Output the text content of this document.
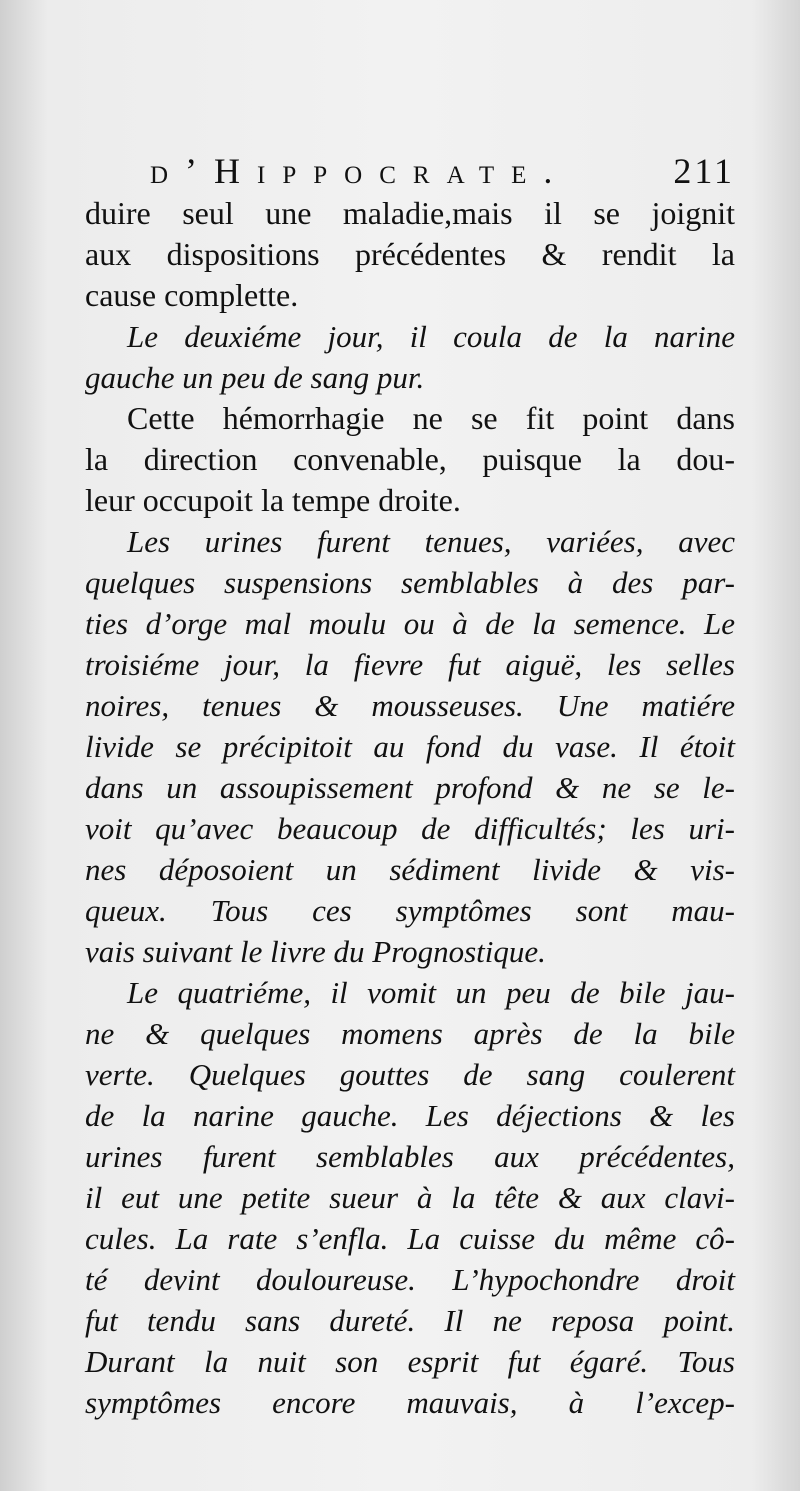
d’Hippocrate.	211
duire seul une maladie,mais il se joignit
aux dispositions précédentes & rendit la
cause complette.
Le deuxiéme jour, il coula de la narine
gauche un peu de sang pur.
Cette hémorrhagie ne se fit point dans
la direction convenable, puisque la dou-
leur occupoit la tempe droite.
Les urines furent tenues, variées, avec
quelques suspensions semblables à des par-
ties d’orge mal moulu ou à de la semence. Le
troisiéme jour, la fievre fut aiguë, les selles
noires, tenues & mousseuses. Une matiére
livide se précipitoit au fond du vase. Il étoit
dans un assoupissement profond & ne se le-
voit qu’avec beaucoup de difficultés; les uri-
nes déposoient un sédiment livide & vis-
queux. Tous ces symptômes sont mau-
vais suivant le livre du Prognostique.
Le quatriéme, il vomit un peu de bile jau-
ne & quelques momens après de la bile
verte. Quelques gouttes de sang coulerent
de la narine gauche. Les déjections & les
urines furent semblables aux précédentes,
il eut une petite sueur à la tête & aux clavi-
cules. La rate s’enfla. La cuisse du même cô-
té devint douloureuse. L’hypochondre droit
fut tendu sans dureté. Il ne reposa point.
Durant la nuit son esprit fut égaré. Tous
symptômes encore mauvais, à l’excep-
